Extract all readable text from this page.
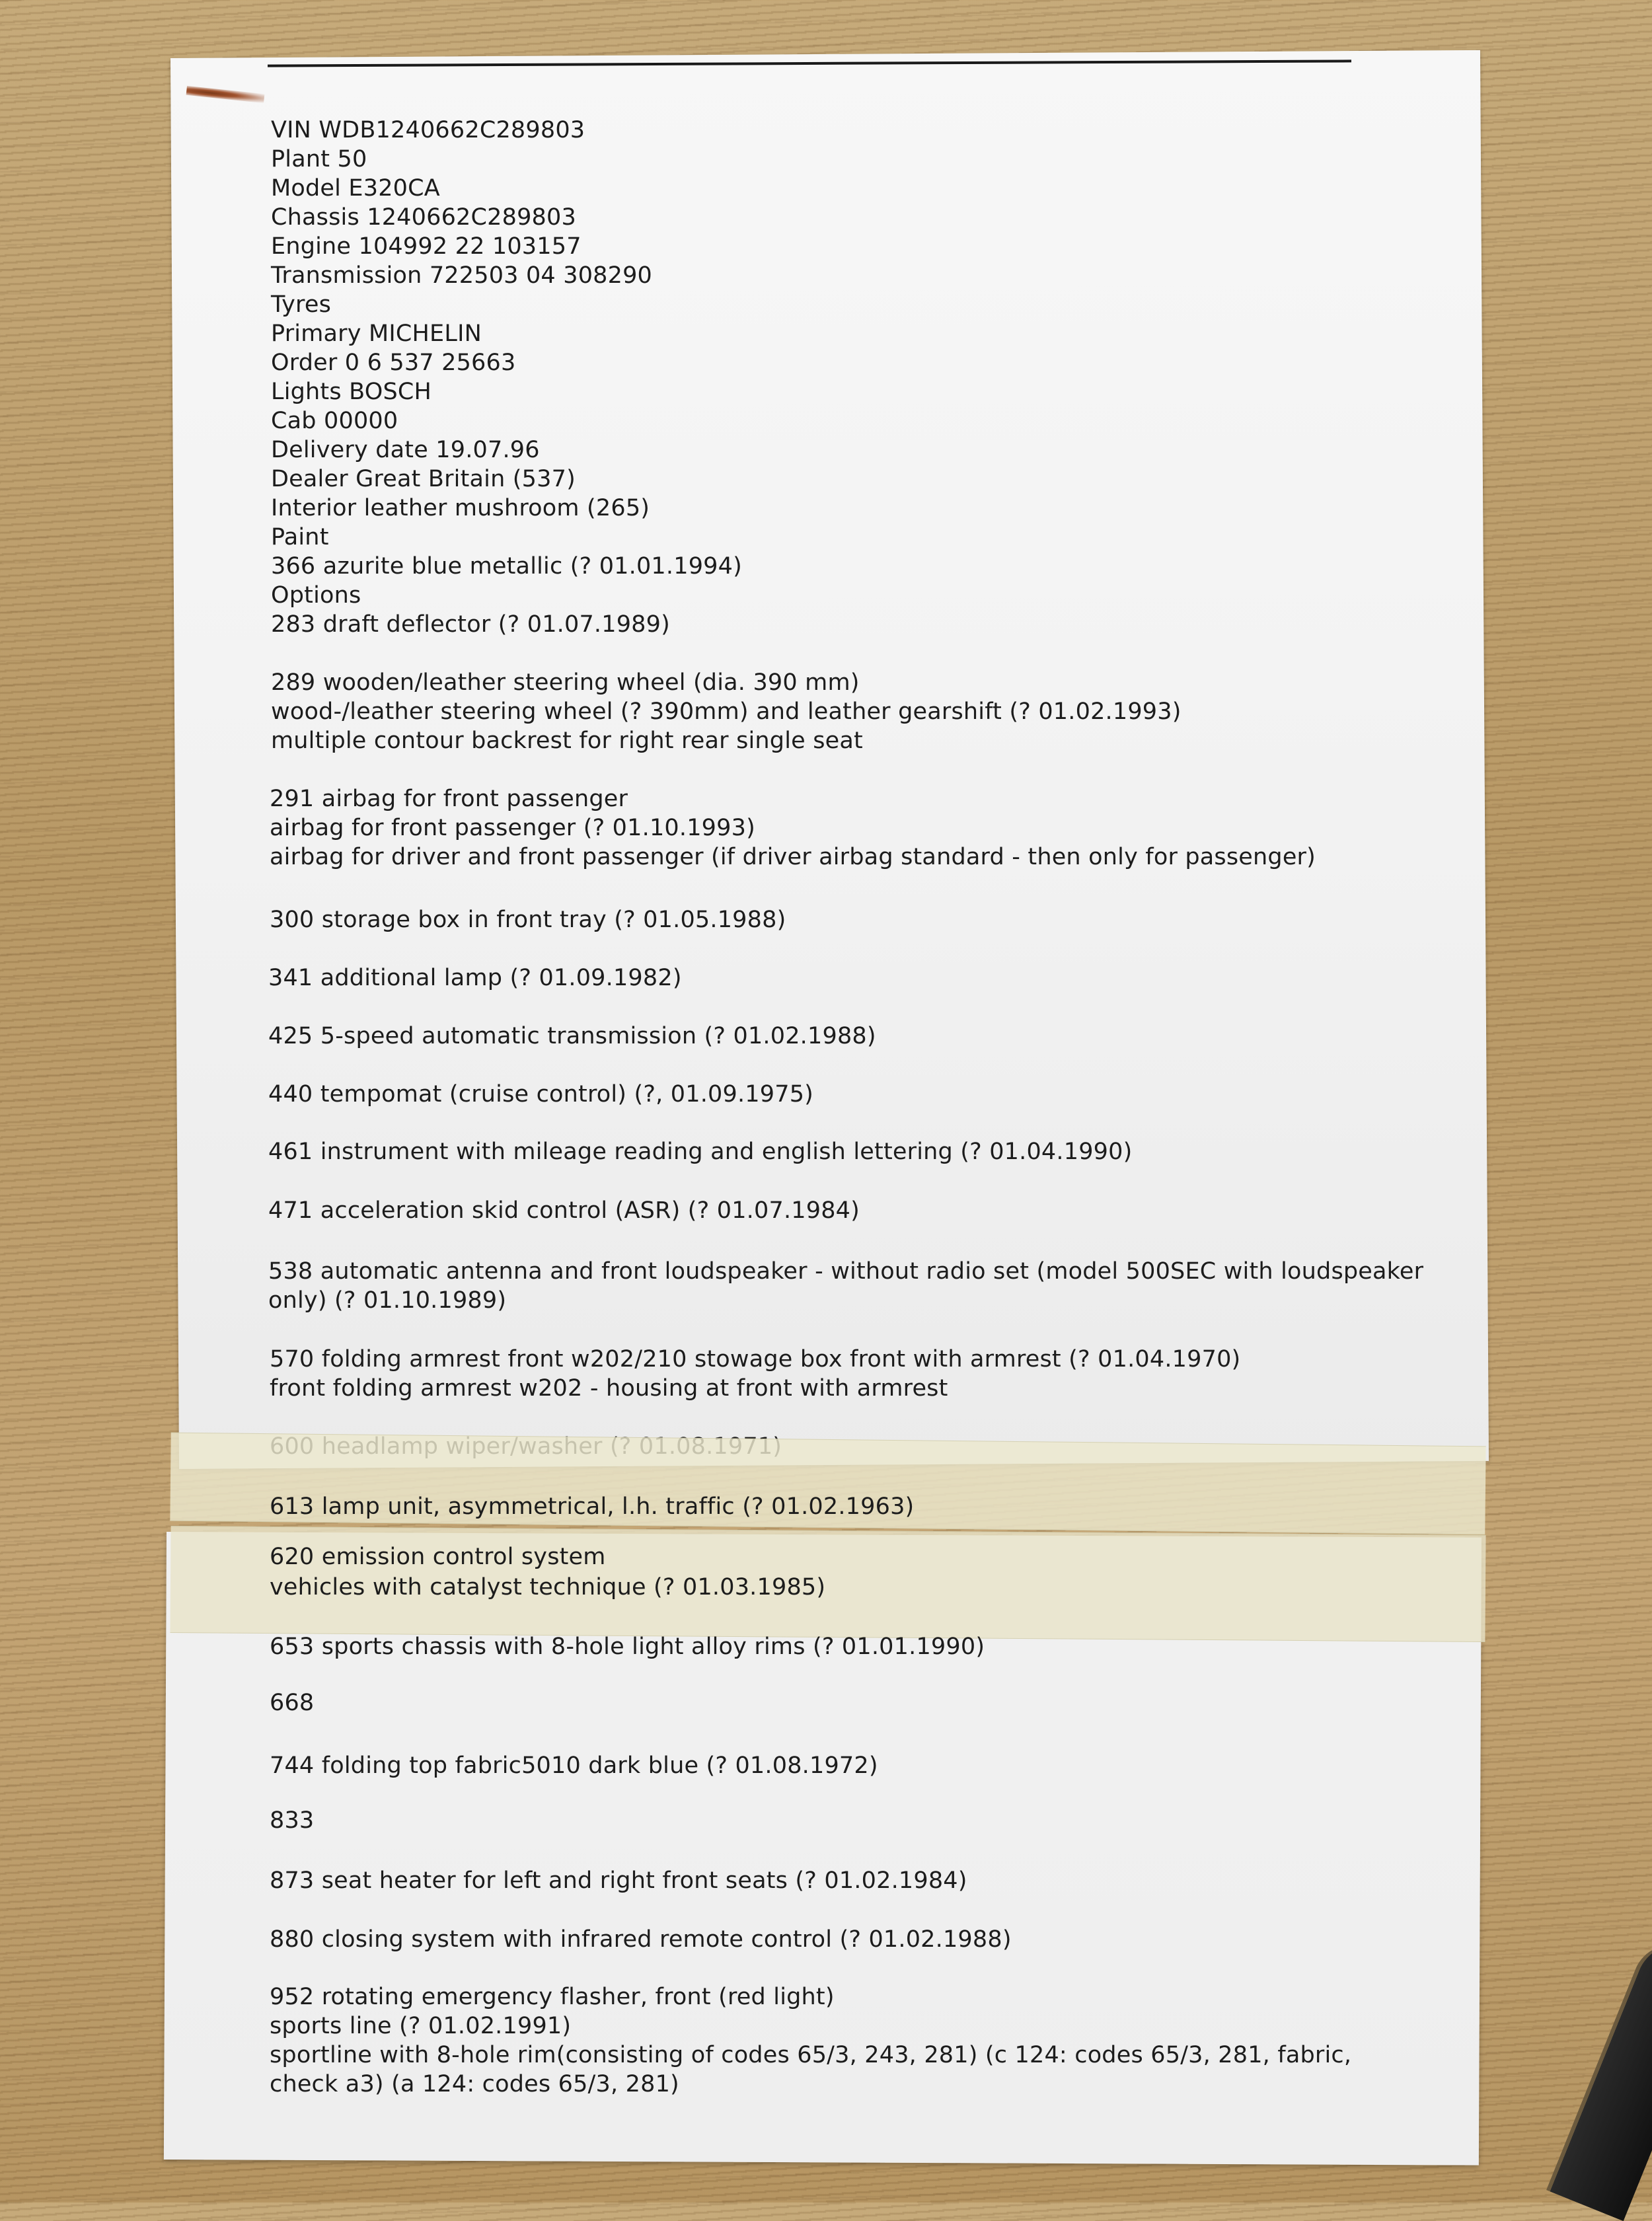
VIN WDB1240662C289803

Plant 50

Model E320CA

Chassis 1240662C289803

Engine 104992 22 103157

Transmission 722503 04 308290

Tyres

Primary MICHELIN

Order 0 6 537 25663

Lights BOSCH

Cab 00000

Delivery date 19.07.96

Dealer Great Britain (537)

Interior leather mushroom (265)

Paint

366 azurite blue metallic (? 01.01.1994)

Options

283 draft deflector (? 01.07.1989)

289 wooden/leather steering wheel (dia. 390 mm)

wood-/leather steering wheel (? 390mm) and leather gearshift (? 01.02.1993)

multiple contour backrest for right rear single seat

291 airbag for front passenger

airbag for front passenger (? 01.10.1993)

airbag for driver and front passenger (if driver airbag standard - then only for passenger)

300 storage box in front tray (? 01.05.1988)

341 additional lamp (? 01.09.1982)

425 5-speed automatic transmission (? 01.02.1988)

440 tempomat (cruise control) (?, 01.09.1975)

461 instrument with mileage reading and english lettering (? 01.04.1990)

471 acceleration skid control (ASR) (? 01.07.1984)

538 automatic antenna and front loudspeaker - without radio set (model 500SEC with loudspeaker

only) (? 01.10.1989)

570 folding armrest front w202/210 stowage box front with armrest (? 01.04.1970)

front folding armrest w202 - housing at front with armrest

613 lamp unit, asymmetrical, l.h. traffic (? 01.02.1963)

620 emission control system

vehicles with catalyst technique (? 01.03.1985)

653 sports chassis with 8-hole light alloy rims (? 01.01.1990)

668

744 folding top fabric5010 dark blue (? 01.08.1972)

833

873 seat heater for left and right front seats (? 01.02.1984)

880 closing system with infrared remote control (? 01.02.1988)

952 rotating emergency flasher, front (red light)

sports line (? 01.02.1991)

sportline with 8-hole rim(consisting of codes 65/3, 243, 281) (c 124: codes 65/3, 281, fabric,

check a3) (a 124: codes 65/3, 281)
